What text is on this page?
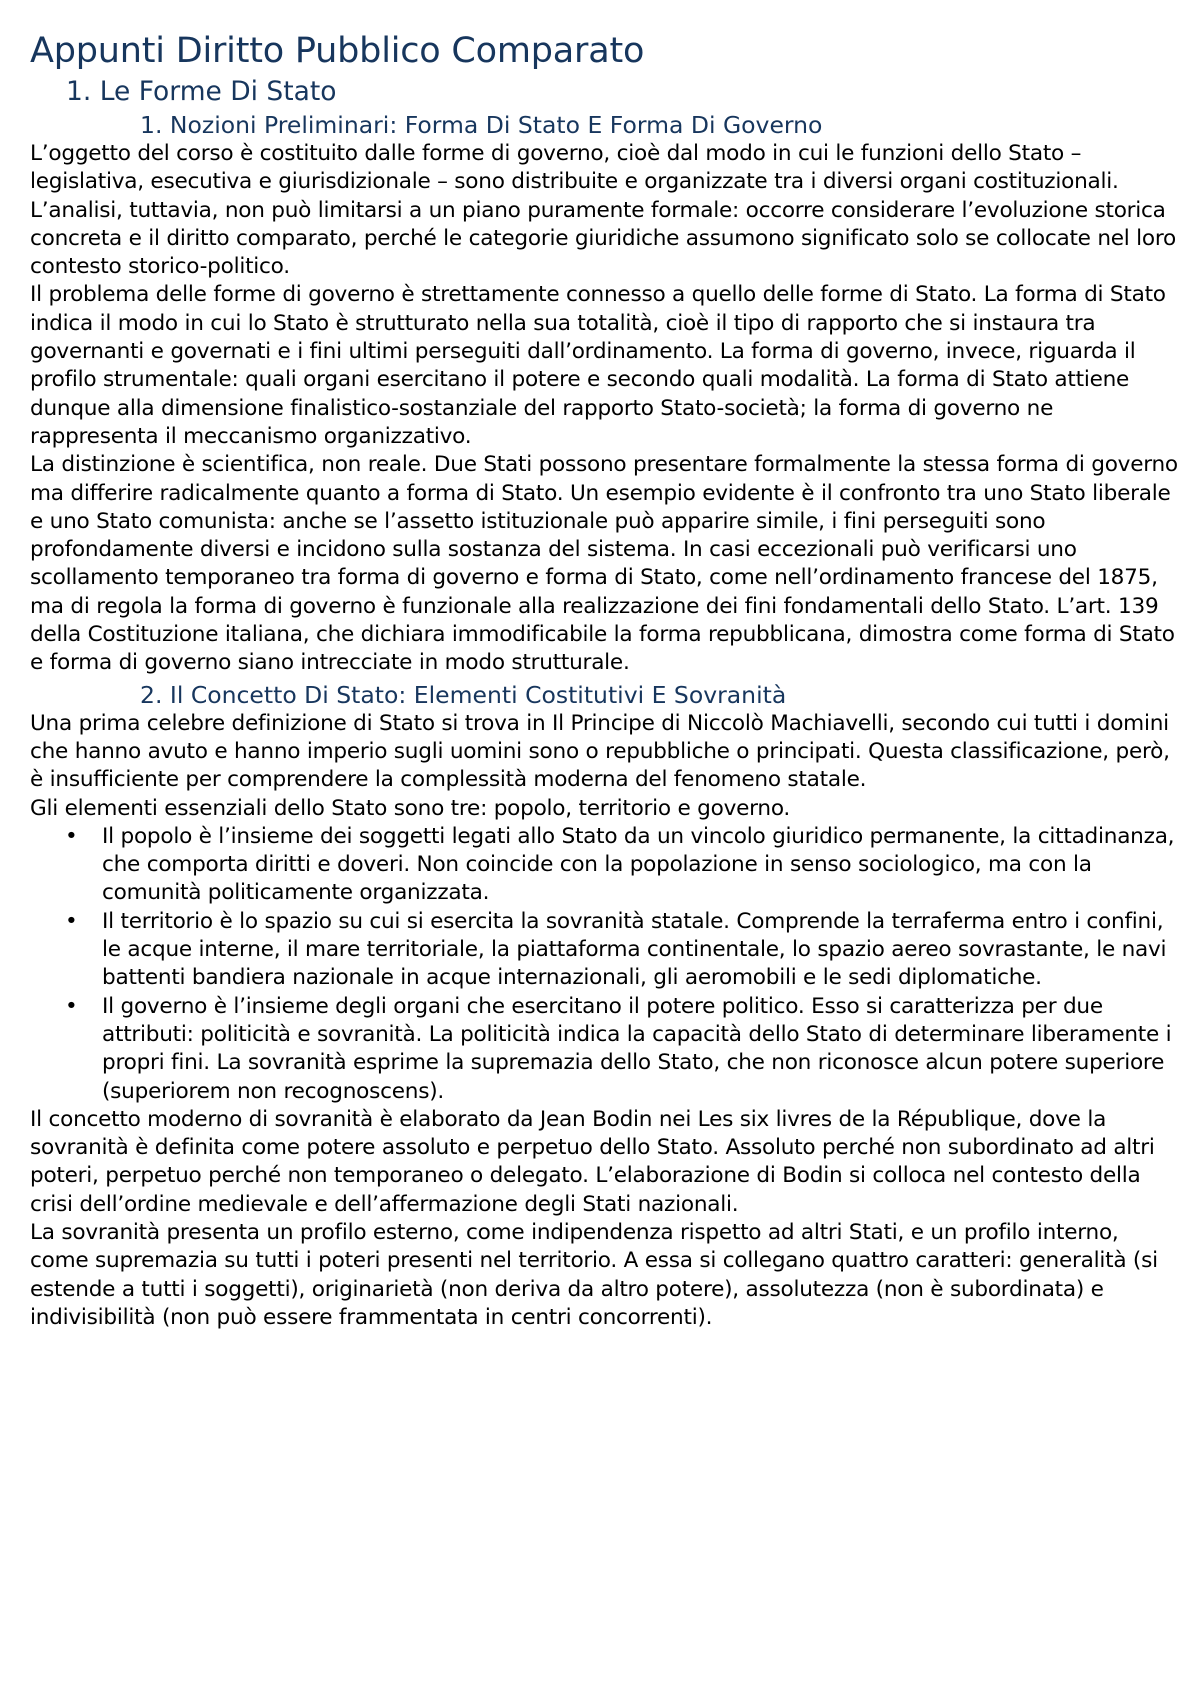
Appunti Diritto Pubblico Comparato
1. Le Forme Di Stato
1. Nozioni Preliminari: Forma Di Stato E Forma Di Governo

L’oggetto del corso è costituito dalle forme di governo, cioè dal modo in cui le funzioni dello Stato – legislativa, esecutiva e giurisdizionale – sono distribuite e organizzate tra i diversi organi costituzionali. L’analisi, tuttavia, non può limitarsi a un piano puramente formale: occorre considerare l’evoluzione storica concreta e il diritto comparato, perché le categorie giuridiche assumono significato solo se collocate nel loro contesto storico-politico.

Il problema delle forme di governo è strettamente connesso a quello delle forme di Stato. La forma di Stato indica il modo in cui lo Stato è strutturato nella sua totalità, cioè il tipo di rapporto che si instaura tra governanti e governati e i fini ultimi perseguiti dall’ordinamento. La forma di governo, invece, riguarda il profilo strumentale: quali organi esercitano il potere e secondo quali modalità. La forma di Stato attiene dunque alla dimensione finalistico-sostanziale del rapporto Stato-società; la forma di governo ne rappresenta il meccanismo organizzativo.

La distinzione è scientifica, non reale. Due Stati possono presentare formalmente la stessa forma di governo ma differire radicalmente quanto a forma di Stato. Un esempio evidente è il confronto tra uno Stato liberale e uno Stato comunista: anche se l’assetto istituzionale può apparire simile, i fini perseguiti sono profondamente diversi e incidono sulla sostanza del sistema. In casi eccezionali può verificarsi uno scollamento temporaneo tra forma di governo e forma di Stato, come nell’ordinamento francese del 1875, ma di regola la forma di governo è funzionale alla realizzazione dei fini fondamentali dello Stato. L’art. 139 della Costituzione italiana, che dichiara immodificabile la forma repubblicana, dimostra come forma di Stato e forma di governo siano intrecciate in modo strutturale.

2. Il Concetto Di Stato: Elementi Costitutivi E Sovranità

Una prima celebre definizione di Stato si trova in Il Principe di Niccolò Machiavelli, secondo cui tutti i domini che hanno avuto e hanno imperio sugli uomini sono o repubbliche o principati. Questa classificazione, però, è insufficiente per comprendere la complessità moderna del fenomeno statale.

Gli elementi essenziali dello Stato sono tre: popolo, territorio e governo.

• Il popolo è l’insieme dei soggetti legati allo Stato da un vincolo giuridico permanente, la cittadinanza, che comporta diritti e doveri. Non coincide con la popolazione in senso sociologico, ma con la comunità politicamente organizzata.
• Il territorio è lo spazio su cui si esercita la sovranità statale. Comprende la terraferma entro i confini, le acque interne, il mare territoriale, la piattaforma continentale, lo spazio aereo sovrastante, le navi battenti bandiera nazionale in acque internazionali, gli aeromobili e le sedi diplomatiche.
• Il governo è l’insieme degli organi che esercitano il potere politico. Esso si caratterizza per due attributi: politicità e sovranità. La politicità indica la capacità dello Stato di determinare liberamente i propri fini. La sovranità esprime la supremazia dello Stato, che non riconosce alcun potere superiore (superiorem non recognoscens).

Il concetto moderno di sovranità è elaborato da Jean Bodin nei Les six livres de la République, dove la sovranità è definita come potere assoluto e perpetuo dello Stato. Assoluto perché non subordinato ad altri poteri, perpetuo perché non temporaneo o delegato. L’elaborazione di Bodin si colloca nel contesto della crisi dell’ordine medievale e dell’affermazione degli Stati nazionali.

La sovranità presenta un profilo esterno, come indipendenza rispetto ad altri Stati, e un profilo interno, come supremazia su tutti i poteri presenti nel territorio. A essa si collegano quattro caratteri: generalità (si estende a tutti i soggetti), originarietà (non deriva da altro potere), assolutezza (non è subordinata) e indivisibilità (non può essere frammentata in centri concorrenti).
